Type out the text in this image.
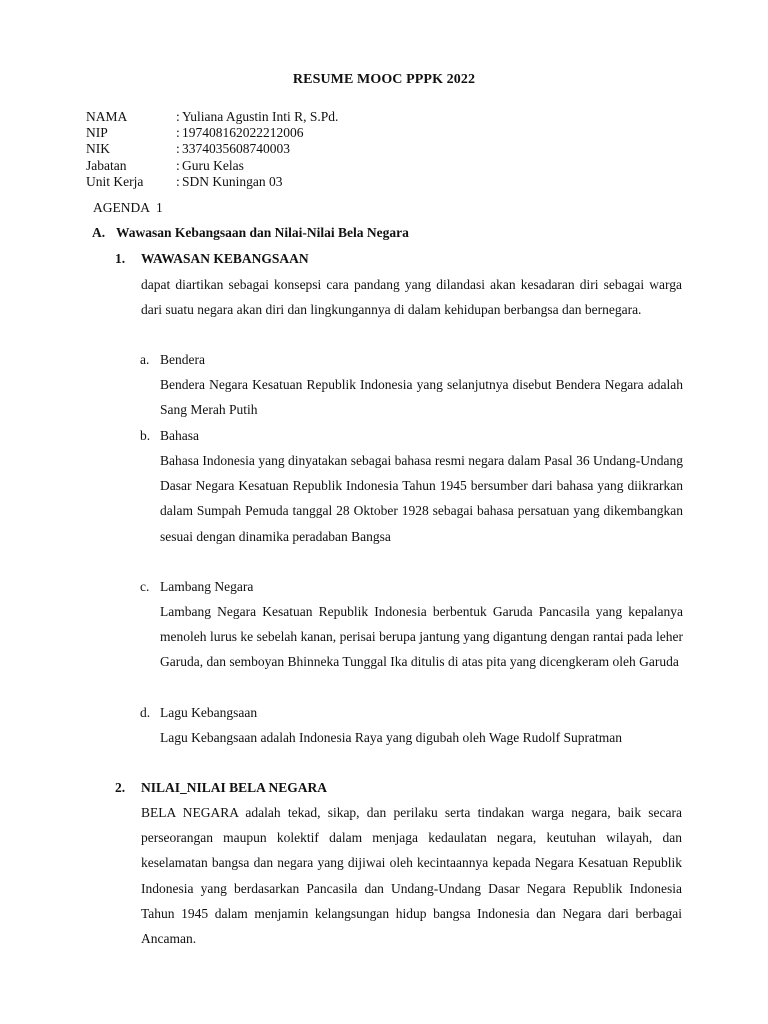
RESUME MOOC PPPK 2022
NAMA	: Yuliana Agustin Inti R, S.Pd.
NIP	: 197408162022212006
NIK	: 3374035608740003
Jabatan	: Guru Kelas
Unit Kerja	: SDN Kuningan 03
AGENDA  1
A. Wawasan Kebangsaan dan Nilai-Nilai Bela Negara
1. WAWASAN KEBANGSAAN
dapat diartikan sebagai konsepsi cara pandang yang dilandasi akan kesadaran diri sebagai warga dari suatu negara akan diri dan lingkungannya di dalam kehidupan berbangsa dan bernegara.
a. Bendera
Bendera Negara Kesatuan Republik Indonesia yang selanjutnya disebut Bendera Negara adalah Sang Merah Putih
b. Bahasa
Bahasa Indonesia yang dinyatakan sebagai bahasa resmi negara dalam Pasal 36 Undang-Undang Dasar Negara Kesatuan Republik Indonesia Tahun 1945 bersumber dari bahasa yang diikrarkan dalam Sumpah Pemuda tanggal 28 Oktober 1928 sebagai bahasa persatuan yang dikembangkan sesuai dengan dinamika peradaban Bangsa
c. Lambang Negara
Lambang Negara Kesatuan Republik Indonesia berbentuk Garuda Pancasila yang kepalanya menoleh lurus ke sebelah kanan, perisai berupa jantung yang digantung dengan rantai pada leher Garuda, dan semboyan Bhinneka Tunggal Ika ditulis di atas pita yang dicengkeram oleh Garuda
d. Lagu Kebangsaan
Lagu Kebangsaan adalah Indonesia Raya yang digubah oleh Wage Rudolf Supratman
2. NILAI_NILAI BELA NEGARA
BELA NEGARA adalah tekad, sikap, dan perilaku serta tindakan warga negara, baik secara perseorangan maupun kolektif dalam menjaga kedaulatan negara, keutuhan wilayah, dan keselamatan bangsa dan negara yang dijiwai oleh kecintaannya kepada Negara Kesatuan Republik Indonesia yang berdasarkan Pancasila dan Undang-Undang Dasar Negara Republik Indonesia Tahun 1945 dalam menjamin kelangsungan hidup bangsa Indonesia dan Negara dari berbagai Ancaman.
